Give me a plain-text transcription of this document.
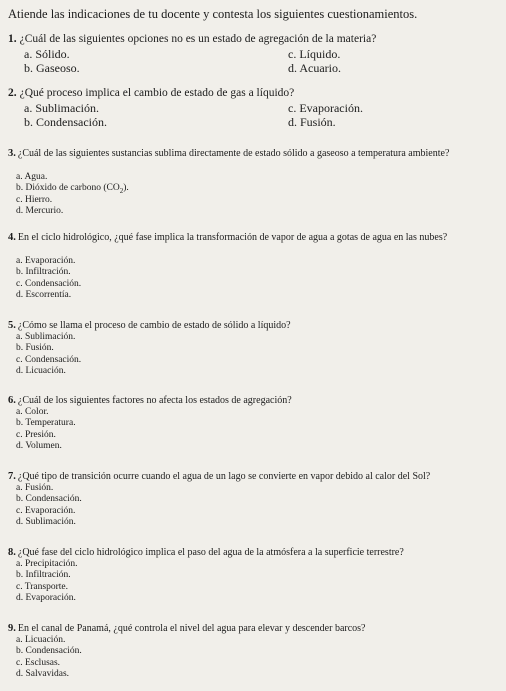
Atiende las indicaciones de tu docente y contesta los siguientes cuestionamientos.
1. ¿Cuál de las siguientes opciones no es un estado de agregación de la materia?
a. Sólido.	c. Líquido.
b. Gaseoso.	d. Acuario.
2. ¿Qué proceso implica el cambio de estado de gas a líquido?
a. Sublimación.	c. Evaporación.
b. Condensación.	d. Fusión.
3. ¿Cuál de las siguientes sustancias sublima directamente de estado sólido a gaseoso a temperatura ambiente?
a. Agua.
b. Dióxido de carbono $(CO_2)$.
c. Hierro.
d. Mercurio.
4. En el ciclo hidrológico, ¿qué fase implica la transformación de vapor de agua a gotas de agua en las nubes?
a. Evaporación.
b. Infiltración.
c. Condensación.
d. Escorrentía.
5. ¿Cómo se llama el proceso de cambio de estado de sólido a líquido?
a. Sublimación.
b. Fusión.
c. Condensación.
d. Licuación.
6. ¿Cuál de los siguientes factores no afecta los estados de agregación?
a. Color.
b. Temperatura.
c. Presión.
d. Volumen.
7. ¿Qué tipo de transición ocurre cuando el agua de un lago se convierte en vapor debido al calor del Sol?
a. Fusión.
b. Condensación.
c. Evaporación.
d. Sublimación.
8. ¿Qué fase del ciclo hidrológico implica el paso del agua de la atmósfera a la superficie terrestre?
a. Precipitación.
b. Infiltración.
c. Transporte.
d. Evaporación.
9. En el canal de Panamá, ¿qué controla el nivel del agua para elevar y descender barcos?
a. Licuación.
b. Condensación.
c. Esclusas.
d. Salvavidas.
